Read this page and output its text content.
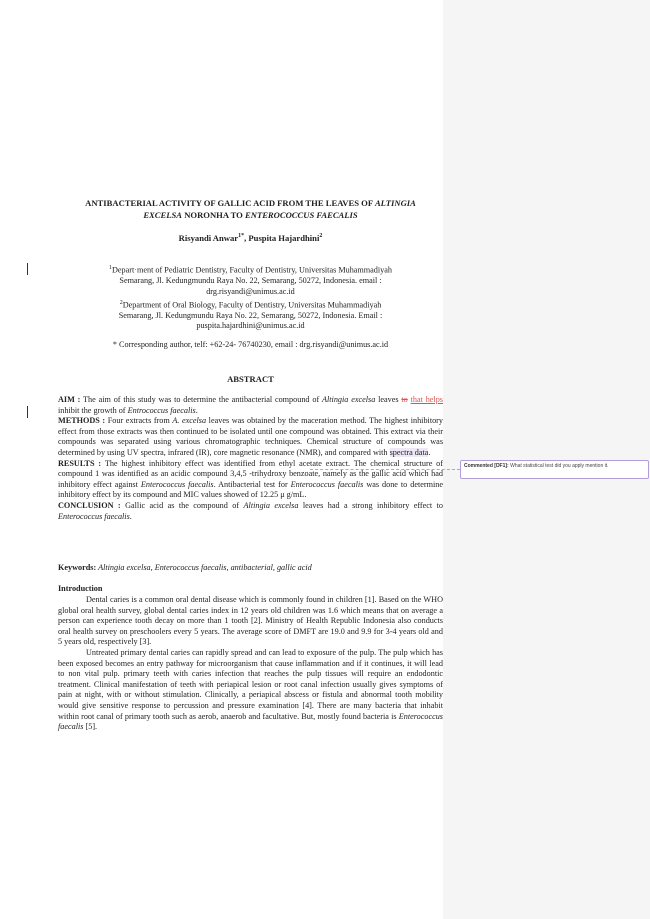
ANTIBACTERIAL ACTIVITY OF GALLIC ACID FROM THE LEAVES OF ALTINGIA
EXCELSA NORONHA TO ENTEROCOCCUS FAECALIS
Risyandi Anwar$^{1*}$, Puspita Hajardhini$^2$

$^1$Depart·ment of Pediatric Dentistry, Faculty of Dentistry, Universitas Muhammadiyah
Semarang, Jl. Kedungmundu Raya No. 22, Semarang, 50272, Indonesia. email :
drg.risyandi@unimus.ac.id

$^2$Department of Oral Biology, Faculty of Dentistry, Universitas Muhammadiyah
Semarang, Jl. Kedungmundu Raya No. 22, Semarang, 50272, Indonesia. Email :
puspita.hajardhini@unimus.ac.id

* Corresponding author, telf: +62-24- 76740230, email : drg.risyandi@unimus.ac.id
ABSTRACT

AIM : The aim of this study was to determine the antibacterial compound of Altingia excelsa leaves to that helps inhibit the growth of Entrococcus faecalis.

METHODS : Four extracts from A. excelsa leaves was obtained by the maceration method. The highest inhibitory effect from those extracts was then continued to be isolated until one compound was obtained. This extract via their compounds was separated using various chromatographic techniques. Chemical structure of compounds was determined by using UV spectra, infrared (IR), core magnetic resonance (NMR), and compared with spectra data.

RESULTS : The highest inhibitory effect was identified from ethyl acetate extract. The chemical structure of compound 1 was identified as an acidic compound 3,4,5 -trihydroxy benzoate, namely as the gallic acid which had inhibitory effect against Enterococcus faecalis. Antibacterial test for Enterococcus faecalis was done to determine inhibitory effect by its compound and MIC values showed of 12.25 μ g/mL.

CONCLUSION : Gallic acid as the compound of Altingia excelsa leaves had a strong inhibitory effect to Enterococcus faecalis.

Keywords: Altingia excelsa, Enterococcus faecalis, antibacterial, gallic acid
Introduction

Dental caries is a common oral dental disease which is commonly found in children [1]. Based on the WHO global oral health survey, global dental caries index in 12 years old children was 1.6 which means that on average a person can experience tooth decay on more than 1 tooth [2]. Ministry of Health Republic Indonesia also conducts oral health survey on preschoolers every 5 years. The average score of DMFT are 19.0 and 9.9 for 3-4 years old and 5 years old, respectively [3].

Untreated primary dental caries can rapidly spread and can lead to exposure of the pulp. The pulp which has been exposed becomes an entry pathway for microorganism that cause inflammation and if it continues, it will lead to non vital pulp. primary teeth with caries infection that reaches the pulp tissues will require an endodontic treatment. Clinical manifestation of teeth with periapical lesion or root canal infection usually gives symptoms of pain at night, with or without stimulation. Clinically, a periapical abscess or fistula and abnormal tooth mobility would give sensitive response to percussion and pressure examination [4]. There are many bacteria that inhabit within root canal of primary tooth such as aerob, anaerob and facultative. But, mostly found bacteria is Enterococcus faecalis [5].

Commented [DF1]: What statistical test did you apply mention it.
